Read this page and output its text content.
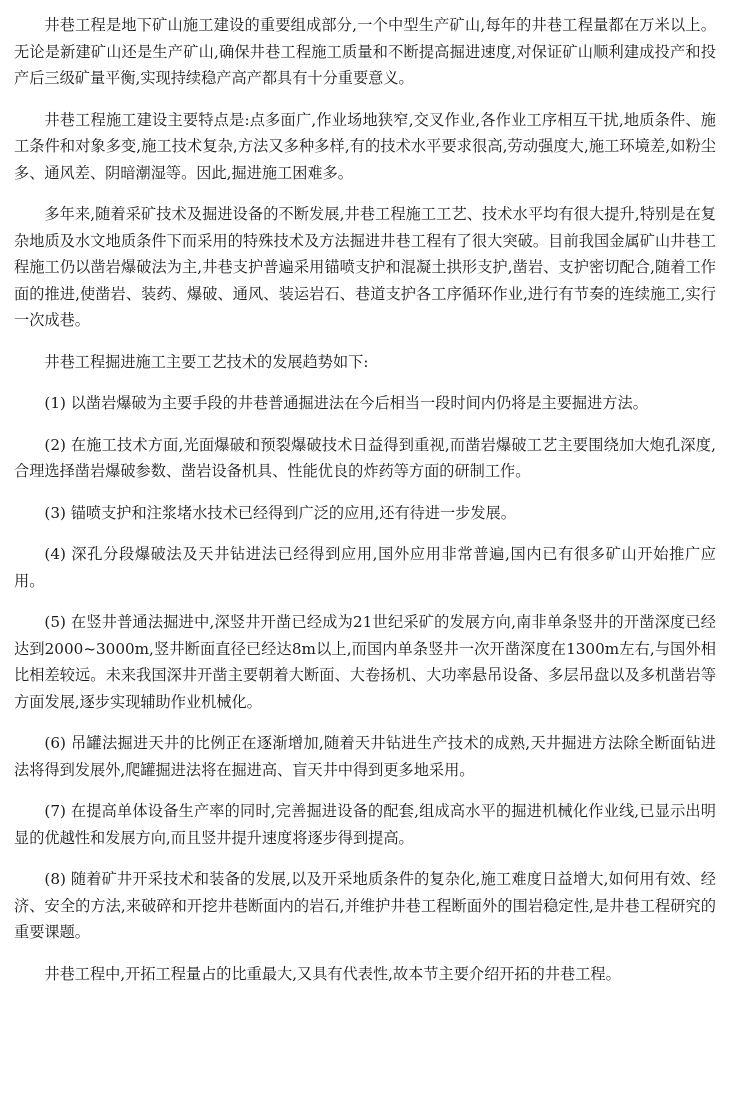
井巷工程是地下矿山施工建设的重要组成部分,一个中型生产矿山,每年的井巷工程量都在万米以上。无论是新建矿山还是生产矿山,确保井巷工程施工质量和不断提高掘进速度,对保证矿山顺利建成投产和投产后三级矿量平衡,实现持续稳产高产都具有十分重要意义。

井巷工程施工建设主要特点是:点多面广,作业场地狭窄,交叉作业,各作业工序相互干扰,地质条件、施工条件和对象多变,施工技术复杂,方法又多种多样,有的技术水平要求很高,劳动强度大,施工环境差,如粉尘多、通风差、阴暗潮湿等。因此,掘进施工困难多。

多年来,随着采矿技术及掘进设备的不断发展,井巷工程施工工艺、技术水平均有很大提升,特别是在复杂地质及水文地质条件下而采用的特殊技术及方法掘进井巷工程有了很大突破。目前我国金属矿山井巷工程施工仍以凿岩爆破法为主,井巷支护普遍采用锚喷支护和混凝土拱形支护,凿岩、支护密切配合,随着工作面的推进,使凿岩、装药、爆破、通风、装运岩石、巷道支护各工序循环作业,进行有节奏的连续施工,实行一次成巷。

井巷工程掘进施工主要工艺技术的发展趋势如下:

(1) 以凿岩爆破为主要手段的井巷普通掘进法在今后相当一段时间内仍将是主要掘进方法。

(2) 在施工技术方面,光面爆破和预裂爆破技术日益得到重视,而凿岩爆破工艺主要围绕加大炮孔深度,合理选择凿岩爆破参数、凿岩设备机具、性能优良的炸药等方面的研制工作。

(3) 锚喷支护和注浆堵水技术已经得到广泛的应用,还有待进一步发展。

(4) 深孔分段爆破法及天井钻进法已经得到应用,国外应用非常普遍,国内已有很多矿山开始推广应用。

(5) 在竖井普通法掘进中,深竖井开凿已经成为21世纪采矿的发展方向,南非单条竖井的开凿深度已经达到2000~3000m,竖井断面直径已经达8m以上,而国内单条竖井一次开凿深度在1300m左右,与国外相比相差较远。未来我国深井开凿主要朝着大断面、大卷扬机、大功率悬吊设备、多层吊盘以及多机凿岩等方面发展,逐步实现辅助作业机械化。

(6) 吊罐法掘进天井的比例正在逐渐增加,随着天井钻进生产技术的成熟,天井掘进方法除全断面钻进法将得到发展外,爬罐掘进法将在掘进高、盲天井中得到更多地采用。

(7) 在提高单体设备生产率的同时,完善掘进设备的配套,组成高水平的掘进机械化作业线,已显示出明显的优越性和发展方向,而且竖井提升速度将逐步得到提高。

(8) 随着矿井开采技术和装备的发展,以及开采地质条件的复杂化,施工难度日益增大,如何用有效、经济、安全的方法,来破碎和开挖井巷断面内的岩石,并维护井巷工程断面外的围岩稳定性,是井巷工程研究的重要课题。

井巷工程中,开拓工程量占的比重最大,又具有代表性,故本节主要介绍开拓的井巷工程。
